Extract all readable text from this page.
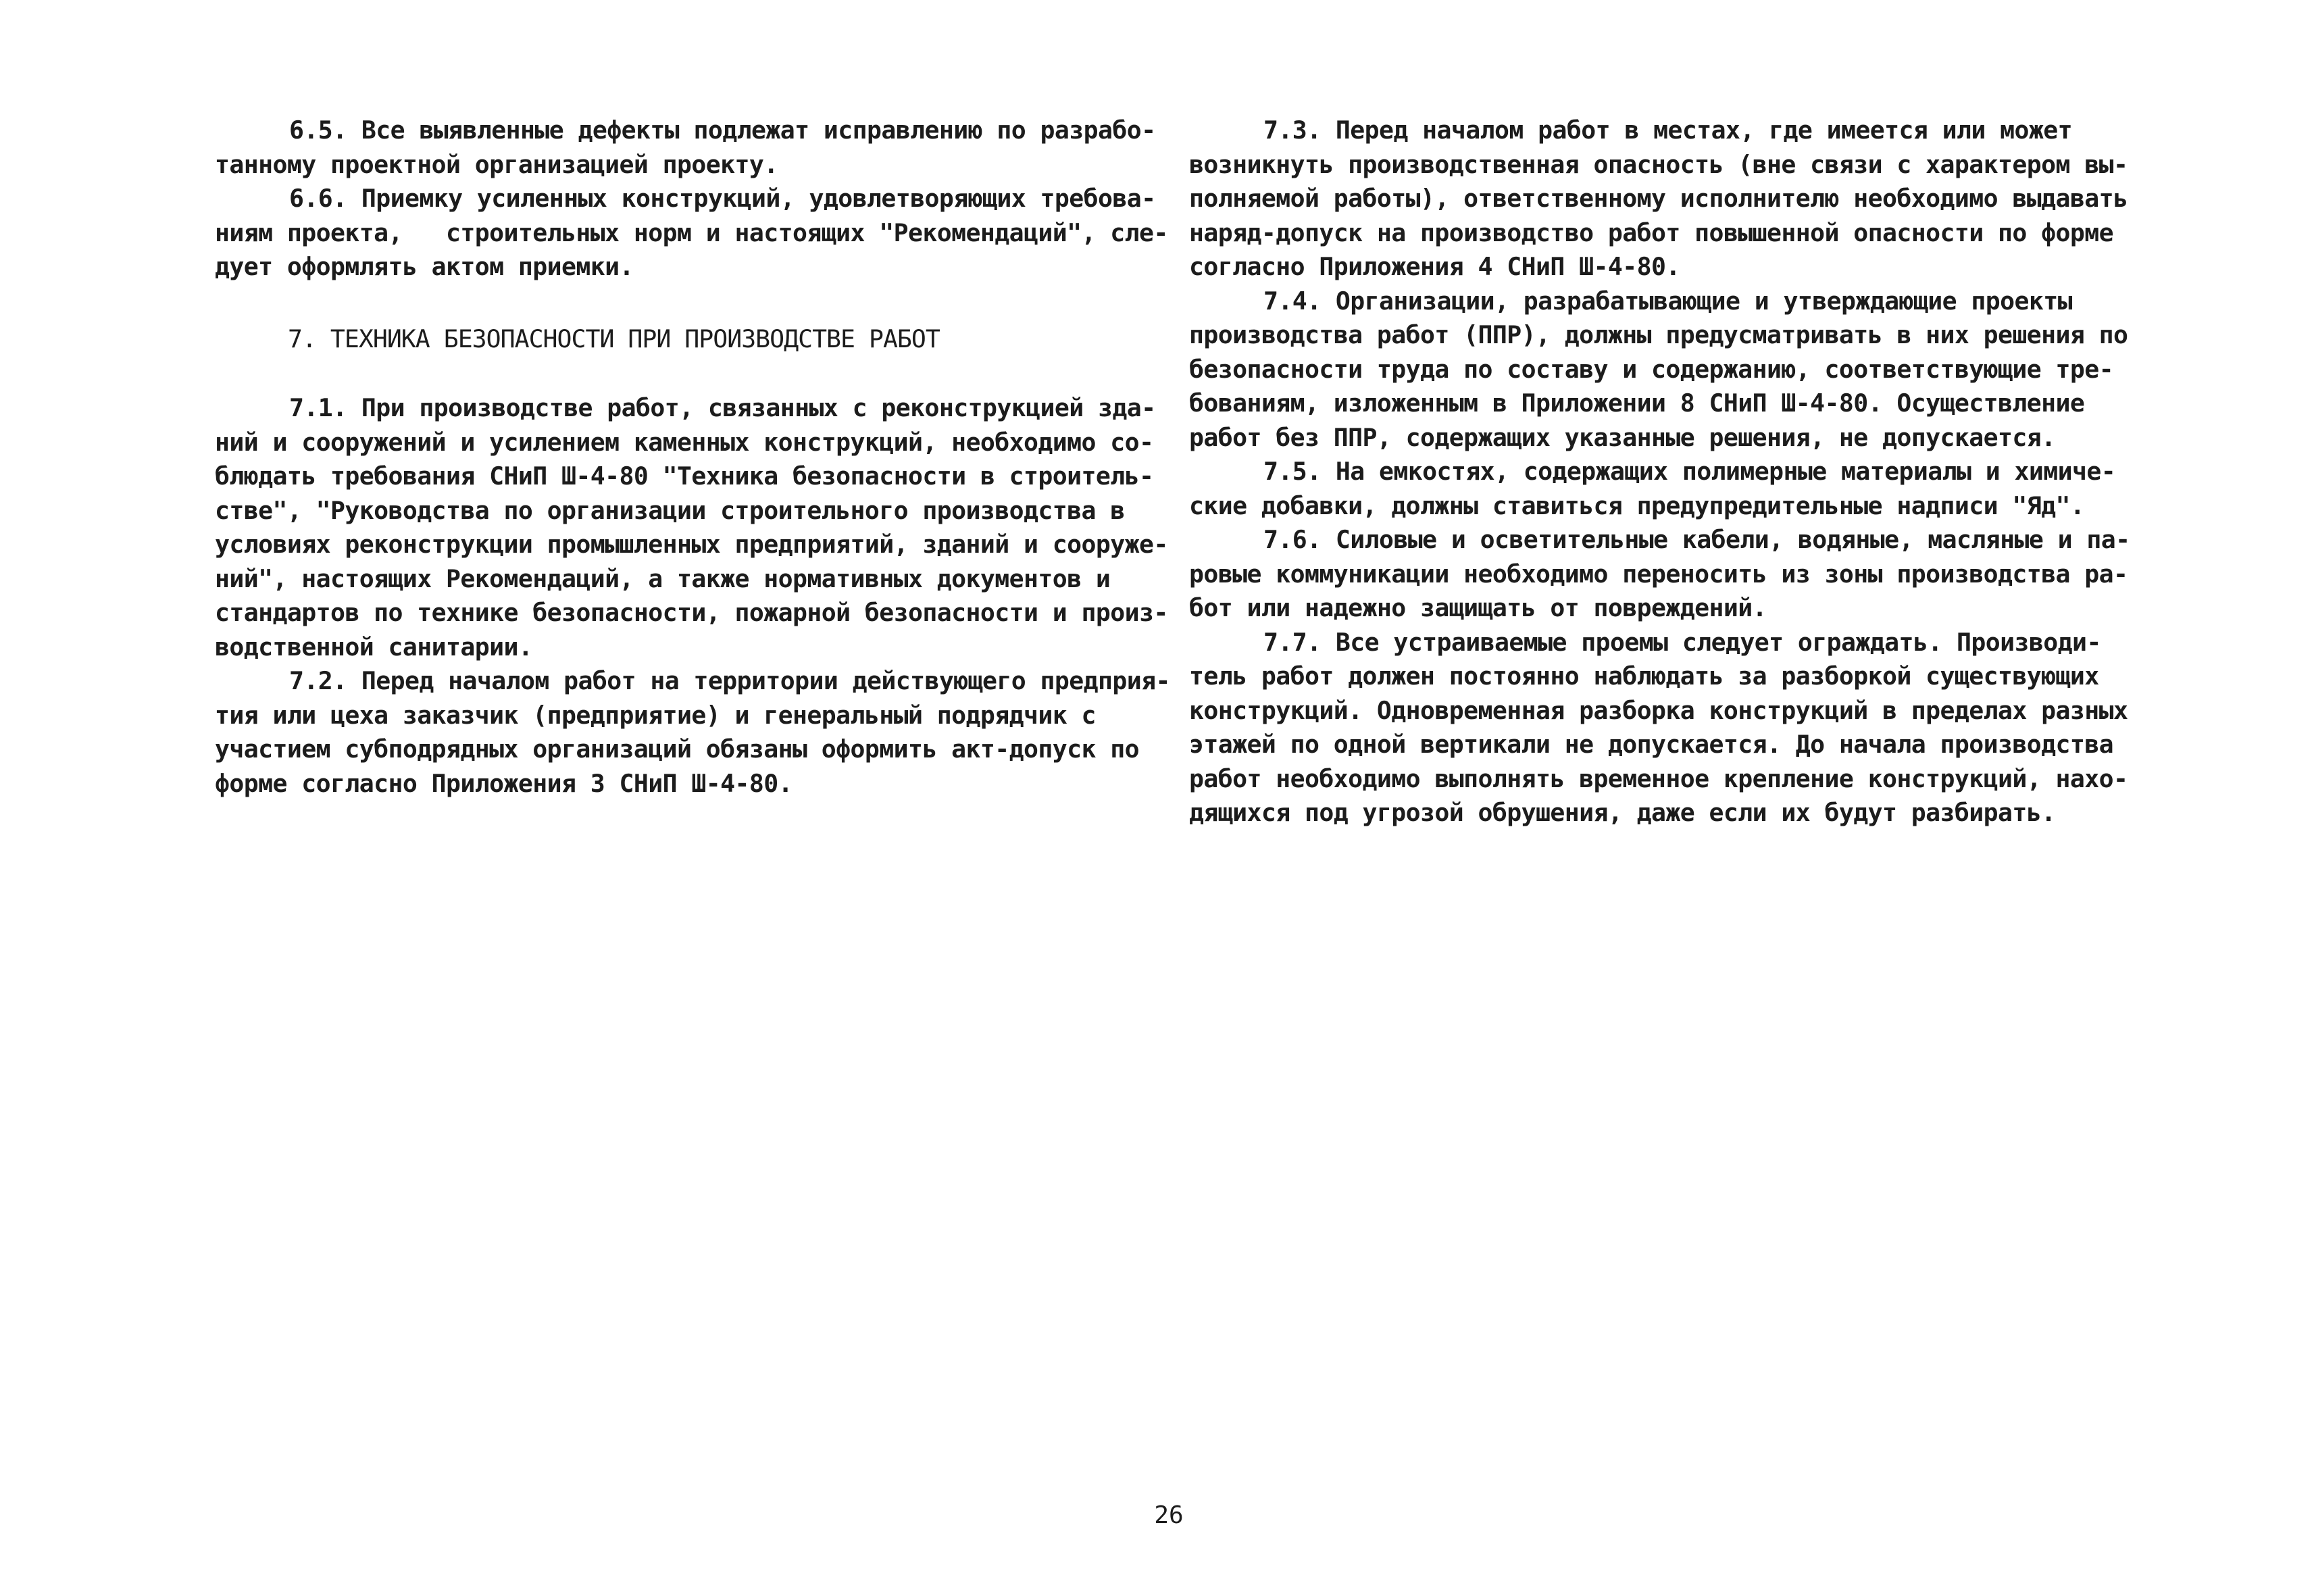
6.5. Все выявленные дефекты подлежат исправлению по разрабо-
танному проектной организацией проекту.
6.6. Приемку усиленных конструкций, удовлетворяющих требова-
ниям проекта,   строительных норм и настоящих "Рекомендаций", сле-
дует оформлять актом приемки.
7. ТЕХНИКА БЕЗОПАСНОСТИ ПРИ ПРОИЗВОДСТВЕ РАБОТ
7.1. При производстве работ, связанных с реконструкцией зда-
ний и сооружений и усилением каменных конструкций, необходимо со-
блюдать требования СНиП Ш-4-80 "Техника безопасности в строитель-
стве", "Руководства по организации строительного производства в
условиях реконструкции промышленных предприятий, зданий и сооруже-
ний", настоящих Рекомендаций, а также нормативных документов и
стандартов по технике безопасности, пожарной безопасности и произ-
водственной санитарии.
7.2. Перед началом работ на территории действующего предприя-
тия или цеха заказчик (предприятие) и генеральный подрядчик с
участием субподрядных организаций обязаны оформить акт-допуск по
форме согласно Приложения 3 СНиП Ш-4-80.
7.3. Перед началом работ в местах, где имеется или может
возникнуть производственная опасность (вне связи с характером вы-
полняемой работы), ответственному исполнителю необходимо выдавать
наряд-допуск на производство работ повышенной опасности по форме
согласно Приложения 4 СНиП Ш-4-80.
7.4. Организации, разрабатывающие и утверждающие проекты
производства работ (ППР), должны предусматривать в них решения по
безопасности труда по составу и содержанию, соответствующие тре-
бованиям, изложенным в Приложении 8 СНиП Ш-4-80. Осуществление
работ без ППР, содержащих указанные решения, не допускается.
7.5. На емкостях, содержащих полимерные материалы и химиче-
ские добавки, должны ставиться предупредительные надписи "Яд".
7.6. Силовые и осветительные кабели, водяные, масляные и па-
ровые коммуникации необходимо переносить из зоны производства ра-
бот или надежно защищать от повреждений.
7.7. Все устраиваемые проемы следует ограждать. Производи-
тель работ должен постоянно наблюдать за разборкой существующих
конструкций. Одновременная разборка конструкций в пределах разных
этажей по одной вертикали не допускается. До начала производства
работ необходимо выполнять временное крепление конструкций, нахо-
дящихся под угрозой обрушения, даже если их будут разбирать.
26
